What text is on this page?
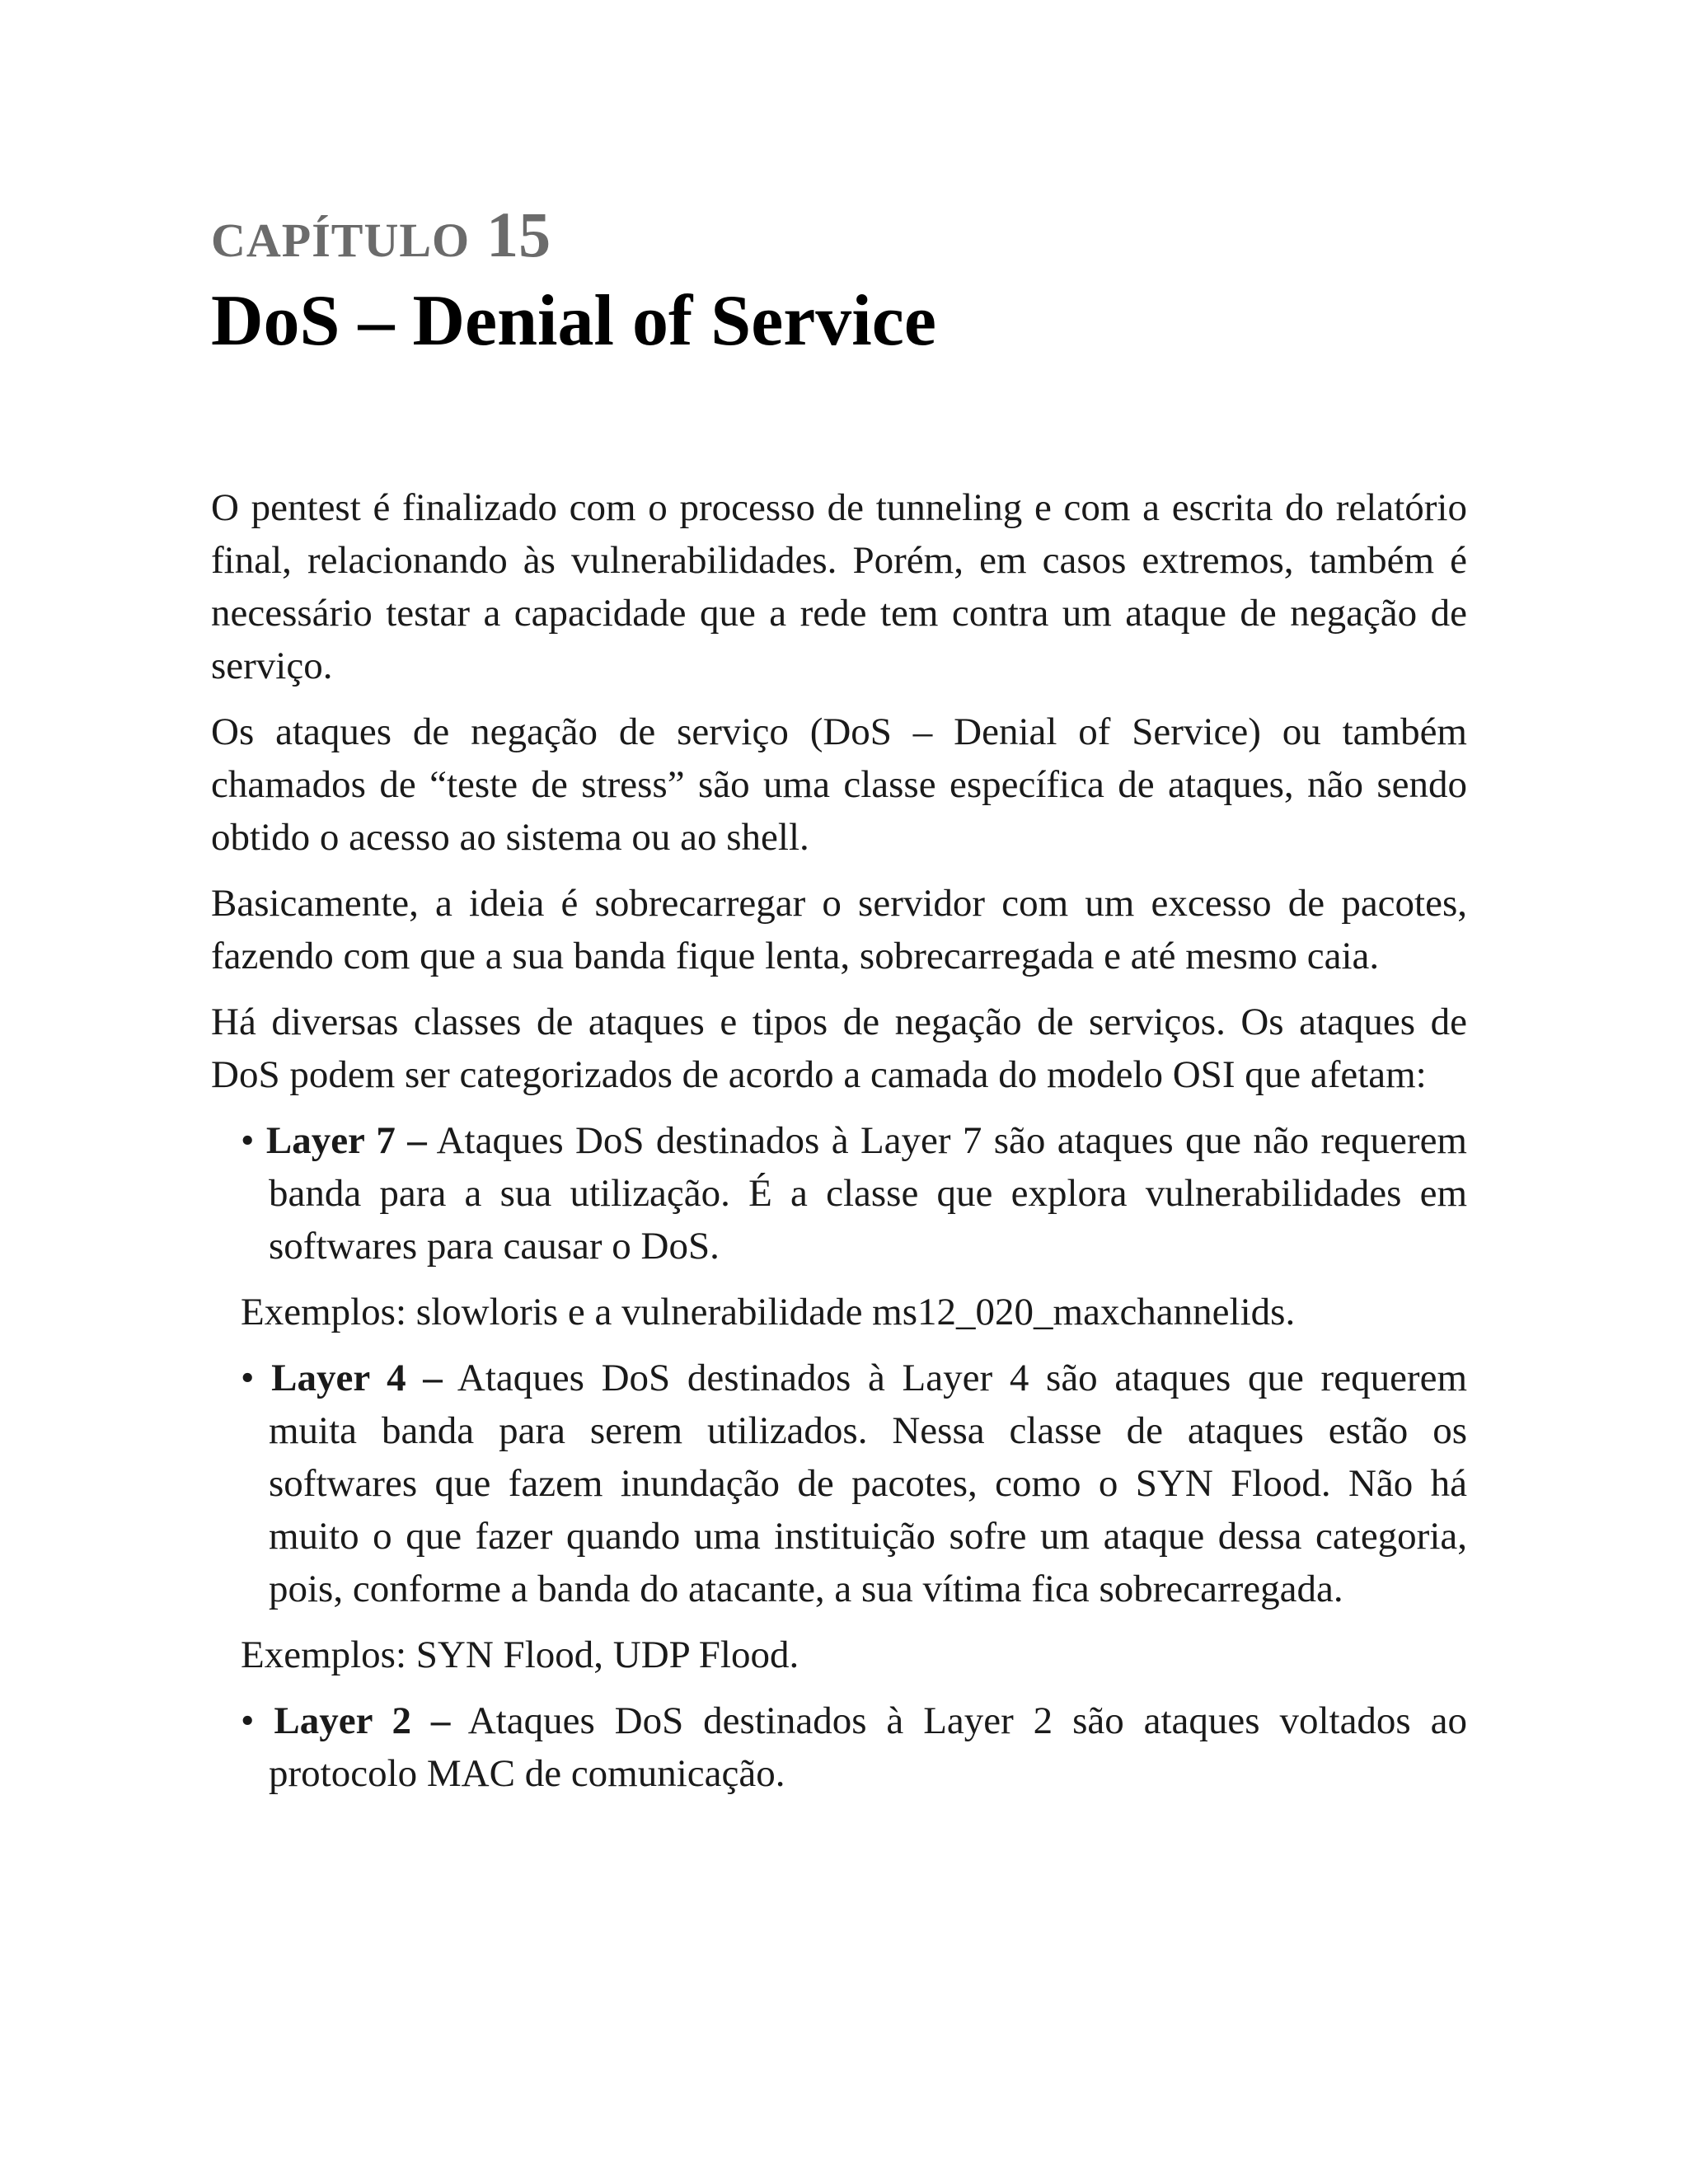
CAPÍTULO 15
DoS – Denial of Service

O pentest é finalizado com o processo de tunneling e com a escrita do relatório final, relacionando às vulnerabilidades. Porém, em casos extremos, também é necessário testar a capacidade que a rede tem contra um ataque de negação de serviço.

Os ataques de negação de serviço (DoS – Denial of Service) ou também chamados de “teste de stress” são uma classe específica de ataques, não sendo obtido o acesso ao sistema ou ao shell.

Basicamente, a ideia é sobrecarregar o servidor com um excesso de pacotes, fazendo com que a sua banda fique lenta, sobrecarregada e até mesmo caia.

Há diversas classes de ataques e tipos de negação de serviços. Os ataques de DoS podem ser categorizados de acordo a camada do modelo OSI que afetam:

• Layer 7 – Ataques DoS destinados à Layer 7 são ataques que não requerem banda para a sua utilização. É a classe que explora vulnerabilidades em softwares para causar o DoS.
Exemplos: slowloris e a vulnerabilidade ms12_020_maxchannelids.
• Layer 4 – Ataques DoS destinados à Layer 4 são ataques que requerem muita banda para serem utilizados. Nessa classe de ataques estão os softwares que fazem inundação de pacotes, como o SYN Flood. Não há muito o que fazer quando uma instituição sofre um ataque dessa categoria, pois, conforme a banda do atacante, a sua vítima fica sobrecarregada.
Exemplos: SYN Flood, UDP Flood.
• Layer 2 – Ataques DoS destinados à Layer 2 são ataques voltados ao protocolo MAC de comunicação.
